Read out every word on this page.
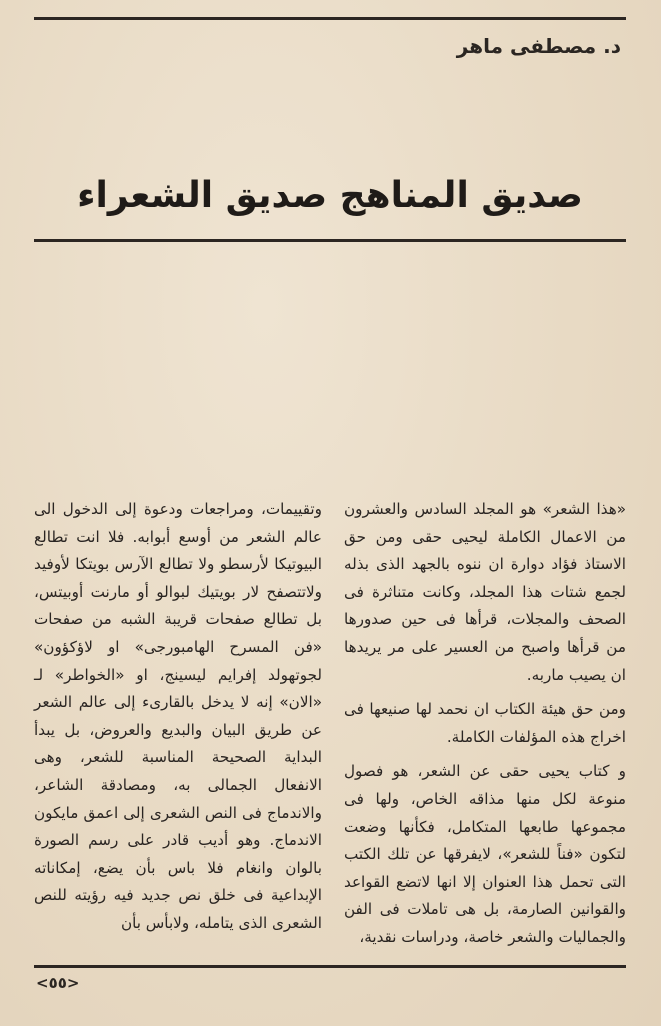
د. مصطفى ماهر
صديق المناهج صديق الشعراء

«هذا الشعر» هو المجلد السادس والعشرون من الاعمال الكاملة ليحيى حقى ومن حق الاستاذ فؤاد دوارة ان ننوه بالجهد الذى بذله لجمع شتات هذا المجلد، وكانت متناثرة فى الصحف والمجلات، قرأها فى حين صدورها من قرأها واصبح من العسير على مر يريدها ان يصيب ماربه.

ومن حق هيئة الكتاب ان نحمد لها صنيعها فى اخراج هذه المؤلفات الكاملة.

و كتاب يحيى حقى عن الشعر، هو فصول منوعة لكل منها مذاقه الخاص، ولها فى مجموعها طابعها المتكامل، فكأنها وضعت لتكون «فناً للشعر»، لايفرقها عن تلك الكتب التى تحمل هذا العنوان إلا انها لاتضع القواعد والقوانين الصارمة، بل هى تاملات فى الفن والجماليات والشعر خاصة، ودراسات نقدية،

وتقييمات، ومراجعات ودعوة إلى الدخول الى عالم الشعر من أوسع أبوابه. فلا انت تطالع البيوتيكا لأرسطو ولا تطالع الآرس بويتكا لأوفيد ولاتتصفح لار بويتيك لبوالو أو مارنت أوبيتس، بل تطالع صفحات قريبة الشبه من صفحات «فن المسرح الهامبورجى» او لاؤكؤون» لجوتهولد إفرايم ليسينج، او «الخواطر» لـ «الان» إنه لا يدخل بالقارىء إلى عالم الشعر عن طريق البيان والبديع والعروض، بل يبدأ البداية الصحيحة المناسبة للشعر، وهى الانفعال الجمالى به، ومصادقة الشاعر، والاندماج فى النص الشعرى إلى اعمق مايكون الاندماج. وهو أديب قادر على رسم الصورة بالوان وانغام فلا باس بأن يضع، إمكاناته الإبداعية فى خلق نص جديد فيه رؤيته للنص الشعرى الذى يتامله، ولابأس بأن

<٥٥>
